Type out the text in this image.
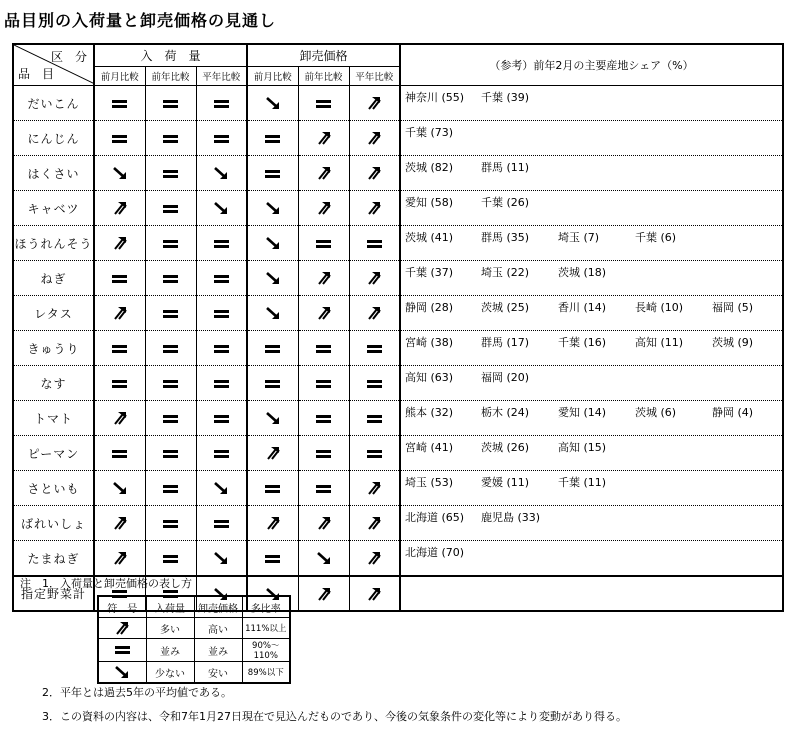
品目別の入荷量と卸売価格の見通し
区　分
品　目	入　荷　量			卸売価格			（参考）前年2月の主要産地シェア（%）
	前月比較	前年比較	平年比較	前月比較	前年比較	平年比較	
だいこん							神奈川 (55) 千葉 (39)
にんじん							千葉 (73)
はくさい							茨城 (82) 群馬 (11)
キャベツ							愛知 (58) 千葉 (26)
ほうれんそう							茨城 (41) 群馬 (35) 埼玉 (7) 千葉 (6)
ねぎ							千葉 (37) 埼玉 (22) 茨城 (18)
レタス							静岡 (28) 茨城 (25) 香川 (14) 長崎 (10) 福岡 (5)
きゅうり							宮崎 (38) 群馬 (17) 千葉 (16) 高知 (11) 茨城 (9)
なす							高知 (63) 福岡 (20)
トマト							熊本 (32) 栃木 (24) 愛知 (14) 茨城 (6) 静岡 (4)
ピーマン							宮崎 (41) 茨城 (26) 高知 (15)
さといも							埼玉 (53) 愛媛 (11) 千葉 (11)
ばれいしょ							北海道 (65) 鹿児島 (33)
たまねぎ							北海道 (70)
指定野菜計							
注　1．入荷量と卸売価格の表し方
符　号	入荷量	卸売価格	多比率
	多い	高い	111%以上
	並み	並み	90%～110%
	少ない	安い	89%以下
2．平年とは過去5年の平均値である。
3．この資料の内容は、令和7年1月27日現在で見込んだものであり、今後の気象条件の変化等により変動があり得る。
